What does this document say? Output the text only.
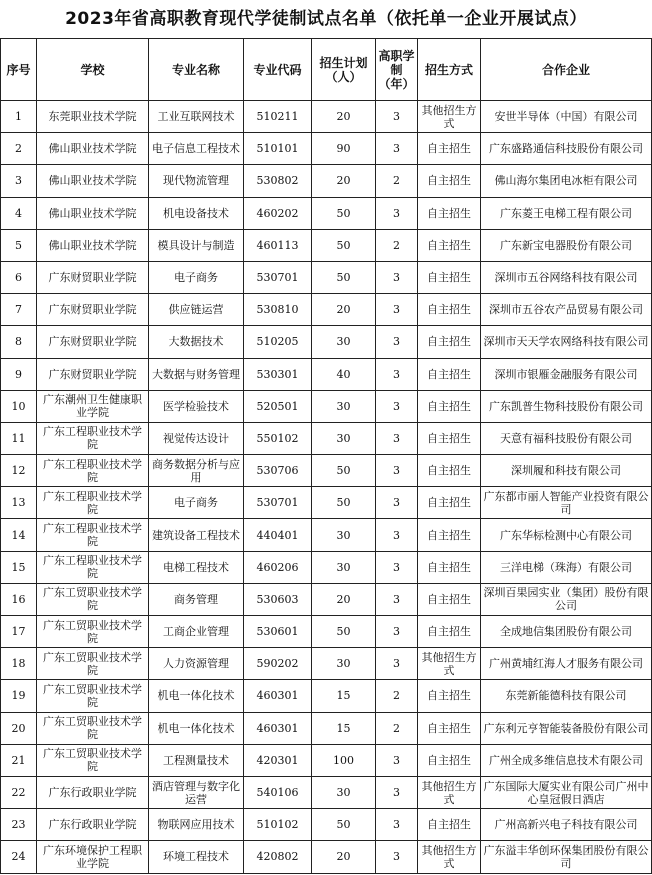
2023年省高职教育现代学徒制试点名单（依托单一企业开展试点）
序号	学校	专业名称	专业代码	招生计划（人）	高职学制（年）	招生方式	合作企业
1	东莞职业技术学院	工业互联网技术	510211	20	3	其他招生方式	安世半导体（中国）有限公司
2	佛山职业技术学院	电子信息工程技术	510101	90	3	自主招生	广东盛路通信科技股份有限公司
3	佛山职业技术学院	现代物流管理	530802	20	2	自主招生	佛山海尔集团电冰柜有限公司
4	佛山职业技术学院	机电设备技术	460202	50	3	自主招生	广东菱王电梯工程有限公司
5	佛山职业技术学院	模具设计与制造	460113	50	2	自主招生	广东新宝电器股份有限公司
6	广东财贸职业学院	电子商务	530701	50	3	自主招生	深圳市五谷网络科技有限公司
7	广东财贸职业学院	供应链运营	530810	20	3	自主招生	深圳市五谷农产品贸易有限公司
8	广东财贸职业学院	大数据技术	510205	30	3	自主招生	深圳市天天学农网络科技有限公司
9	广东财贸职业学院	大数据与财务管理	530301	40	3	自主招生	深圳市银雁金融服务有限公司
10	广东潮州卫生健康职业学院	医学检验技术	520501	30	3	自主招生	广东凯普生物科技股份有限公司
11	广东工程职业技术学院	视觉传达设计	550102	30	3	自主招生	天意有福科技股份有限公司
12	广东工程职业技术学院	商务数据分析与应用	530706	50	3	自主招生	深圳履和科技有限公司
13	广东工程职业技术学院	电子商务	530701	50	3	自主招生	广东都市丽人智能产业投资有限公司
14	广东工程职业技术学院	建筑设备工程技术	440401	30	3	自主招生	广东华标检测中心有限公司
15	广东工程职业技术学院	电梯工程技术	460206	30	3	自主招生	三洋电梯（珠海）有限公司
16	广东工贸职业技术学院	商务管理	530603	20	3	自主招生	深圳百果园实业（集团）股份有限公司
17	广东工贸职业技术学院	工商企业管理	530601	50	3	自主招生	全成地信集团股份有限公司
18	广东工贸职业技术学院	人力资源管理	590202	30	3	其他招生方式	广州黄埔红海人才服务有限公司
19	广东工贸职业技术学院	机电一体化技术	460301	15	2	自主招生	东莞新能德科技有限公司
20	广东工贸职业技术学院	机电一体化技术	460301	15	2	自主招生	广东利元亨智能装备股份有限公司
21	广东工贸职业技术学院	工程测量技术	420301	100	3	自主招生	广州全成多维信息技术有限公司
22	广东行政职业学院	酒店管理与数字化运营	540106	30	3	其他招生方式	广东国际大厦实业有限公司广州中心皇冠假日酒店
23	广东行政职业学院	物联网应用技术	510102	50	3	自主招生	广州高新兴电子科技有限公司
24	广东环境保护工程职业学院	环境工程技术	420802	20	3	其他招生方式	广东溢丰华创环保集团股份有限公司
